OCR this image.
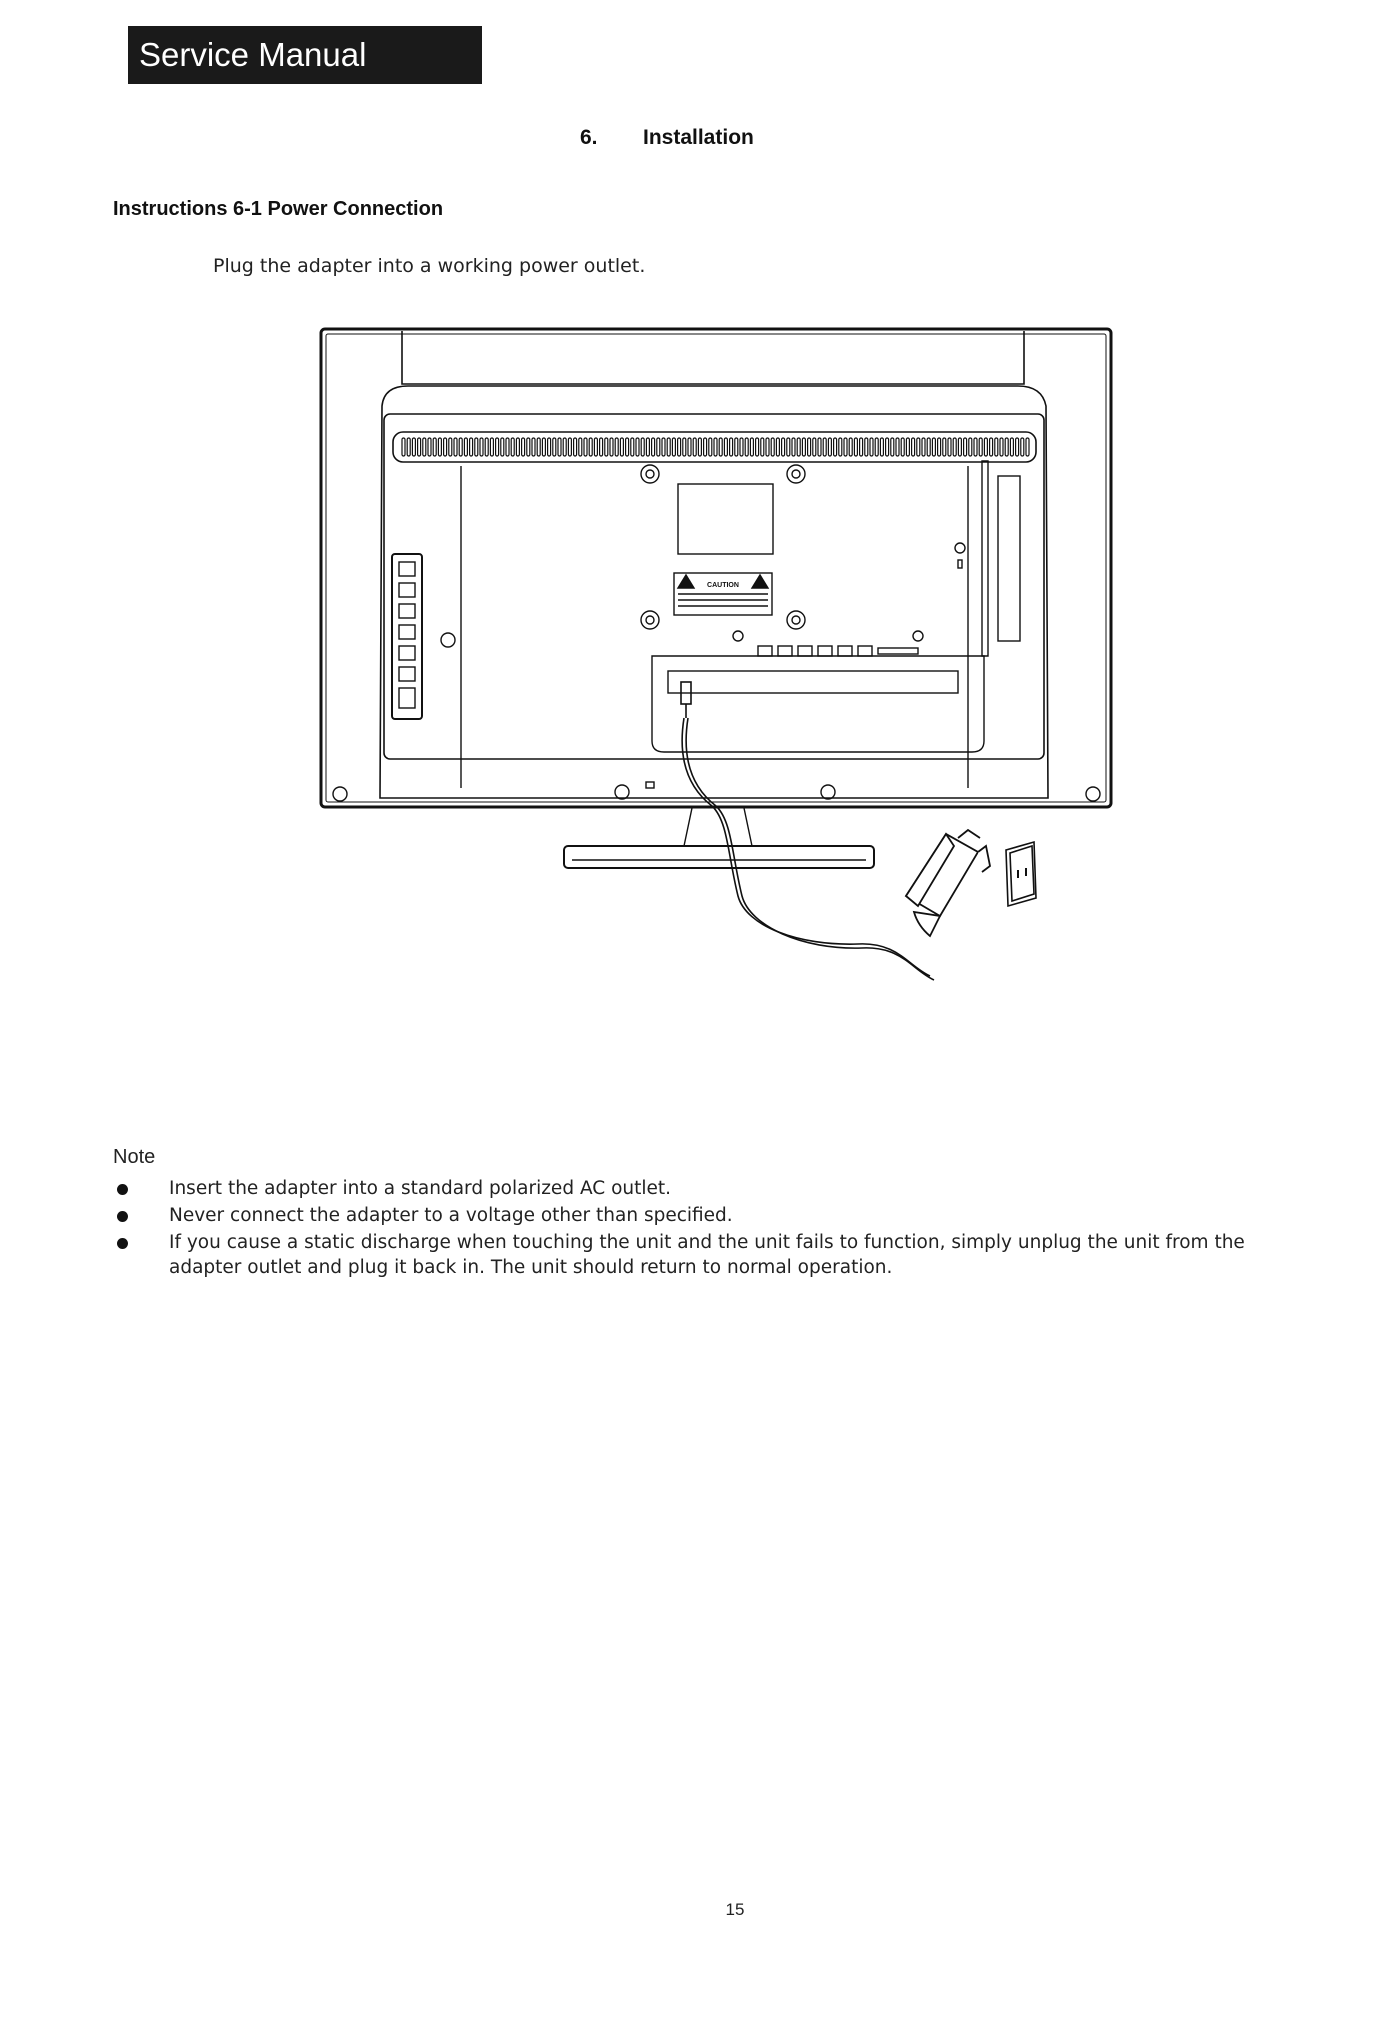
Service Manual
6. Installation
Instructions 6-1 Power Connection
Plug the adapter into a working power outlet.
CAUTION
Note
Insert the adapter into a standard polarized AC outlet.
Never connect the adapter to a voltage other than specified.
If you cause a static discharge when touching the unit and the unit fails to function, simply unplug the unit from the adapter outlet and plug it back in. The unit should return to normal operation.
15
